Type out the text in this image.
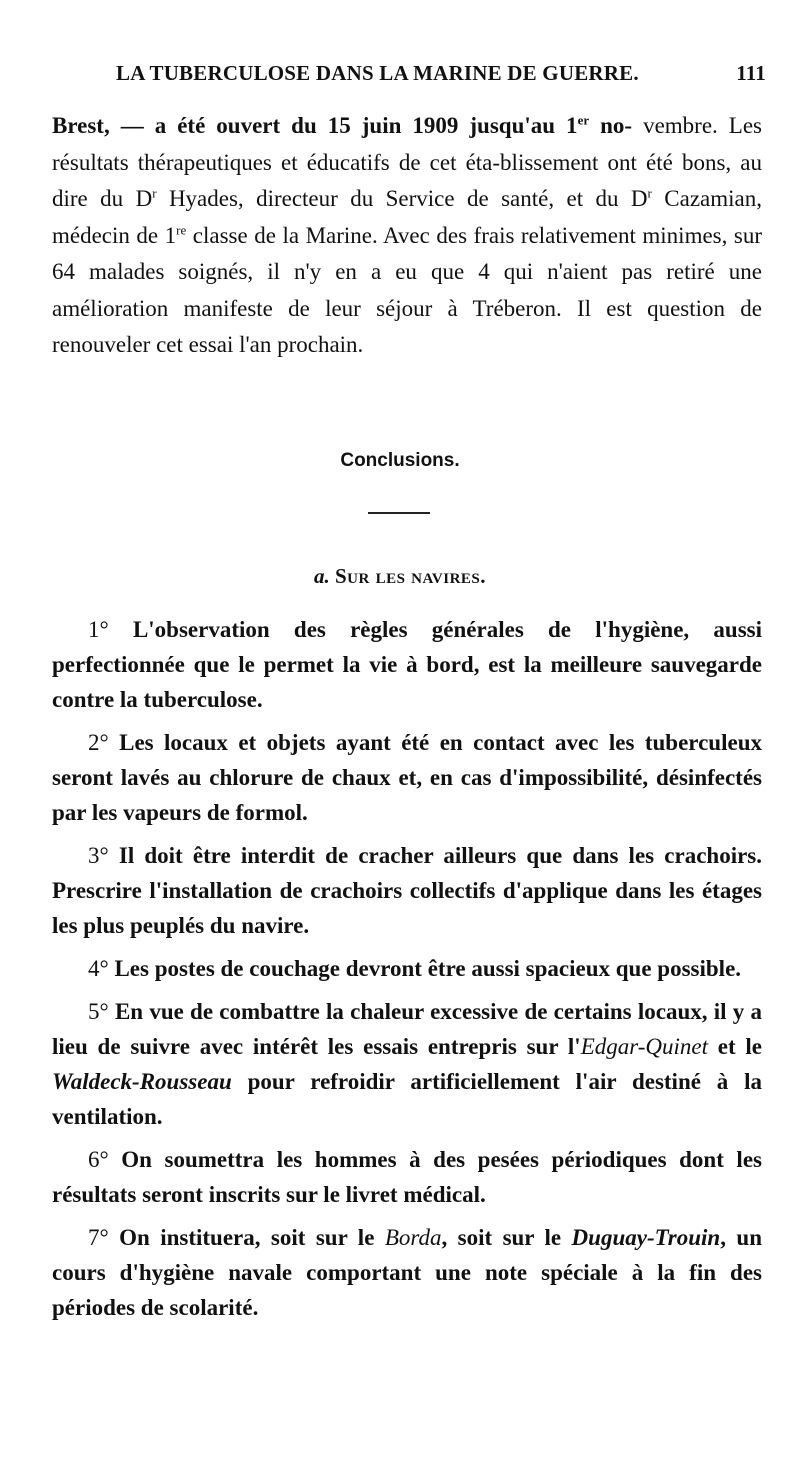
LA TUBERCULOSE DANS LA MARINE DE GUERRE.	111

Brest, — a été ouvert du 15 juin 1909 jusqu'au 1er no- vembre. Les résultats thérapeutiques et éducatifs de cet éta-blissement ont été bons, au dire du $D^r$ Hyades, directeur du Service de santé, et du $D^r$ Cazamian, médecin de 1re classe de la Marine. Avec des frais relativement minimes, sur 64 malades soignés, il n'y en a eu que 4 qui n'aient pas retiré une amélioration manifeste de leur séjour à Tréberon. Il est question de renouveler cet essai l'an prochain.

Conclusions.
a. Sur les navires.

1° L'observation des règles générales de l'hygiène, aussi perfectionnée que le permet la vie à bord, est la meilleure sauvegarde contre la tuberculose.

2° Les locaux et objets ayant été en contact avec les tuberculeux seront lavés au chlorure de chaux et, en cas d'impossibilité, désinfectés par les vapeurs de formol.

3° Il doit être interdit de cracher ailleurs que dans les crachoirs. Prescrire l'installation de crachoirs collectifs d'applique dans les étages les plus peuplés du navire.

4° Les postes de couchage devront être aussi spacieux que possible.

5° En vue de combattre la chaleur excessive de certains locaux, il y a lieu de suivre avec intérêt les essais entrepris sur l'Edgar-Quinet et le Waldeck-Rousseau pour refroidir artificiellement l'air destiné à la ventilation.

6° On soumettra les hommes à des pesées périodiques dont les résultats seront inscrits sur le livret médical.

7° On instituera, soit sur le Borda, soit sur le Duguay-Trouin, un cours d'hygiène navale comportant une note spéciale à la fin des périodes de scolarité.
